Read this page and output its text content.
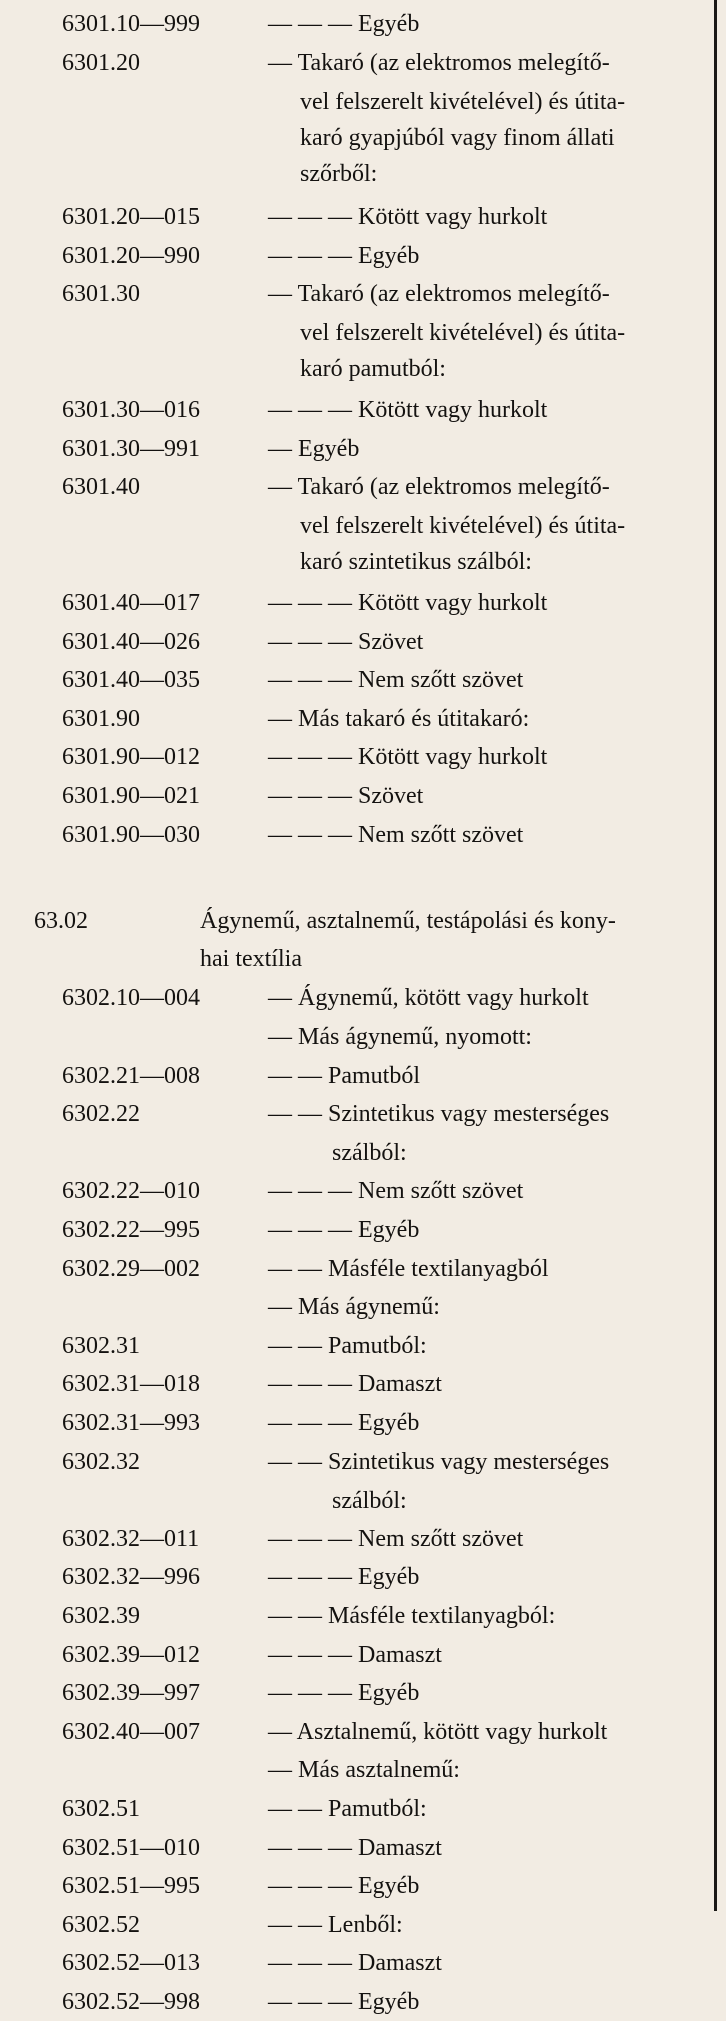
6301.10—999	— — — Egyéb
6301.20	— Takaró (az elektromos melegítő-
vel felszerelt kivételével) és útita-
karó gyapjúból vagy finom állati
szőrből:
6301.20—015	— — — Kötött vagy hurkolt
6301.20—990	— — — Egyéb
6301.30	— Takaró (az elektromos melegítő-
vel felszerelt kivételével) és útita-
karó pamutból:
6301.30—016	— — — Kötött vagy hurkolt
6301.30—991	— Egyéb
6301.40	— Takaró (az elektromos melegítő-
vel felszerelt kivételével) és útita-
karó szintetikus szálból:
6301.40—017	— — — Kötött vagy hurkolt
6301.40—026	— — — Szövet
6301.40—035	— — — Nem szőtt szövet
6301.90	— Más takaró és útitakaró:
6301.90—012	— — — Kötött vagy hurkolt
6301.90—021	— — — Szövet
6301.90—030	— — — Nem szőtt szövet
63.02	Ágynemű, asztalnemű, testápolási és kony-
hai textília
6302.10—004	— Ágynemű, kötött vagy hurkolt
— Más ágynemű, nyomott:
6302.21—008	— — Pamutból
6302.22	— — Szintetikus vagy mesterséges
szálból:
6302.22—010	— — — Nem szőtt szövet
6302.22—995	— — — Egyéb
6302.29—002	— — Másféle textilanyagból
— Más ágynemű:
6302.31	— — Pamutból:
6302.31—018	— — — Damaszt
6302.31—993	— — — Egyéb
6302.32	— — Szintetikus vagy mesterséges
szálból:
6302.32—011	— — — Nem szőtt szövet
6302.32—996	— — — Egyéb
6302.39	— — Másféle textilanyagból:
6302.39—012	— — — Damaszt
6302.39—997	— — — Egyéb
6302.40—007	— Asztalnemű, kötött vagy hurkolt
— Más asztalnemű:
6302.51	— — Pamutból:
6302.51—010	— — — Damaszt
6302.51—995	— — — Egyéb
6302.52	— — Lenből:
6302.52—013	— — — Damaszt
6302.52—998	— — — Egyéb
